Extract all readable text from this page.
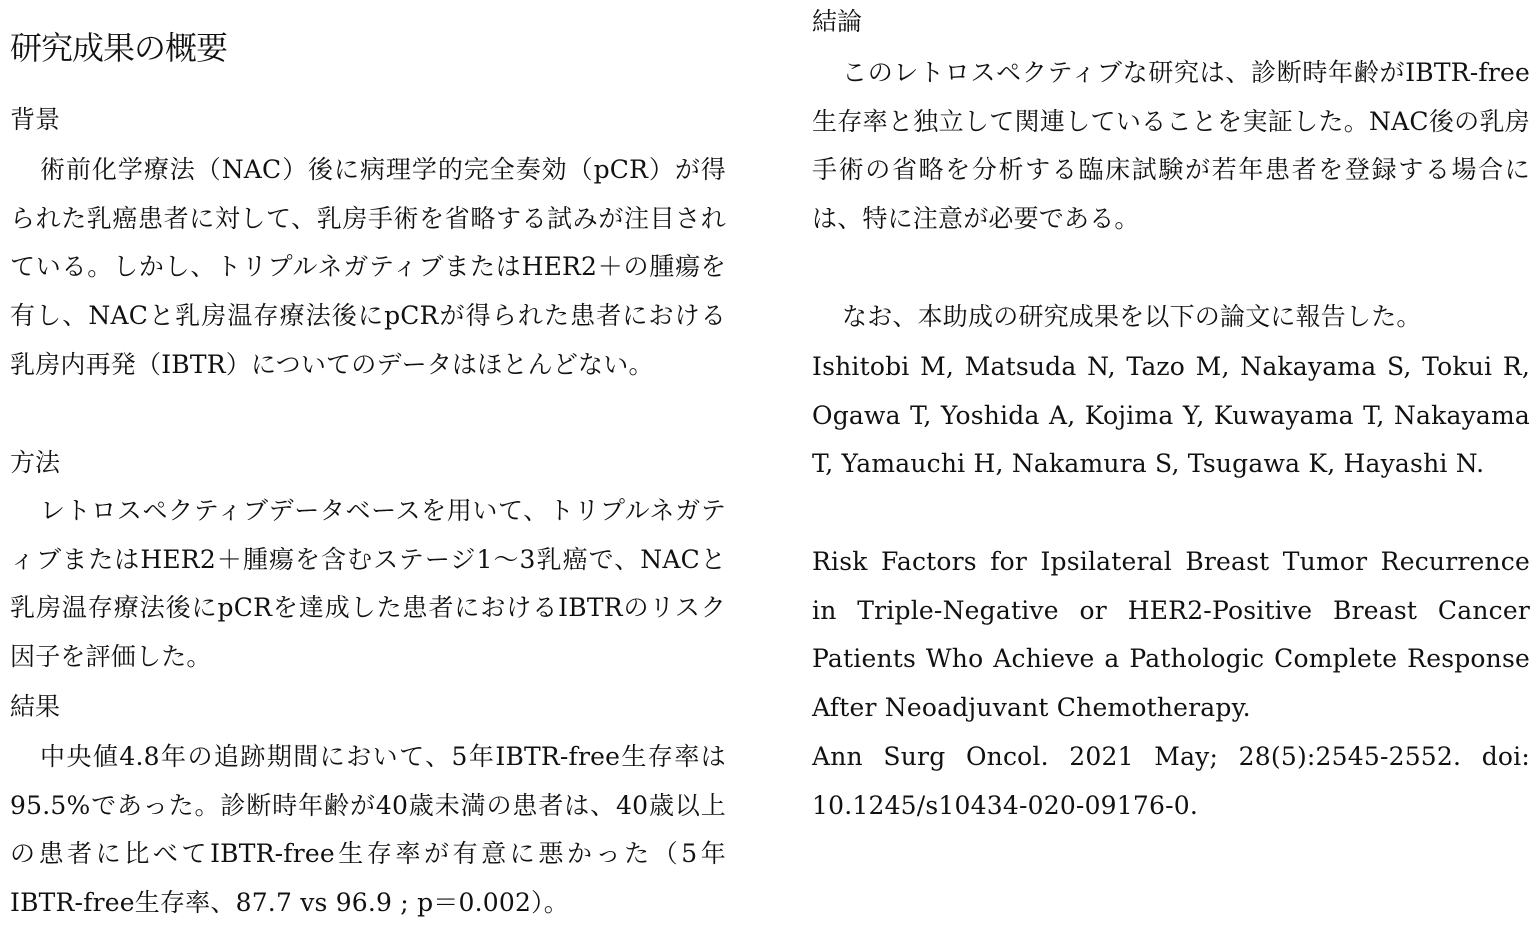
研究成果の概要
背景

術前化学療法（NAC）後に病理学的完全奏効（pCR）が得られた乳癌患者に対して、乳房手術を省略する試みが注目されている。しかし、トリプルネガティブまたはHER2＋の腫瘍を有し、NACと乳房温存療法後にpCRが得られた患者における乳房内再発（IBTR）についてのデータはほとんどない。

方法

レトロスペクティブデータベースを用いて、トリプルネガティブまたはHER2＋腫瘍を含むステージ1～3乳癌で、NACと乳房温存療法後にpCRを達成した患者におけるIBTRのリスク因子を評価した。

結果

中央値4.8年の追跡期間において、5年IBTR-free生存率は95.5%であった。診断時年齢が40歳未満の患者は、40歳以上の患者に比べてIBTR-free生存率が有意に悪かった（5年IBTR-free生存率、87.7 vs 96.9 ; p＝0.002）。

結論

このレトロスペクティブな研究は、診断時年齢がIBTR-free生存率と独立して関連していることを実証した。NAC後の乳房手術の省略を分析する臨床試験が若年患者を登録する場合には、特に注意が必要である。

なお、本助成の研究成果を以下の論文に報告した。

Ishitobi M, Matsuda N, Tazo M, Nakayama S, Tokui R, Ogawa T, Yoshida A, Kojima Y, Kuwayama T, Nakayama T, Yamauchi H, Nakamura S, Tsugawa K, Hayashi N.

Risk Factors for Ipsilateral Breast Tumor Recurrence in Triple-Negative or HER2-Positive Breast Cancer Patients Who Achieve a Pathologic Complete Response After Neoadjuvant Chemotherapy.

Ann Surg Oncol. 2021 May; 28(5):2545-2552. doi: 10.1245/s10434-020-09176-0.
